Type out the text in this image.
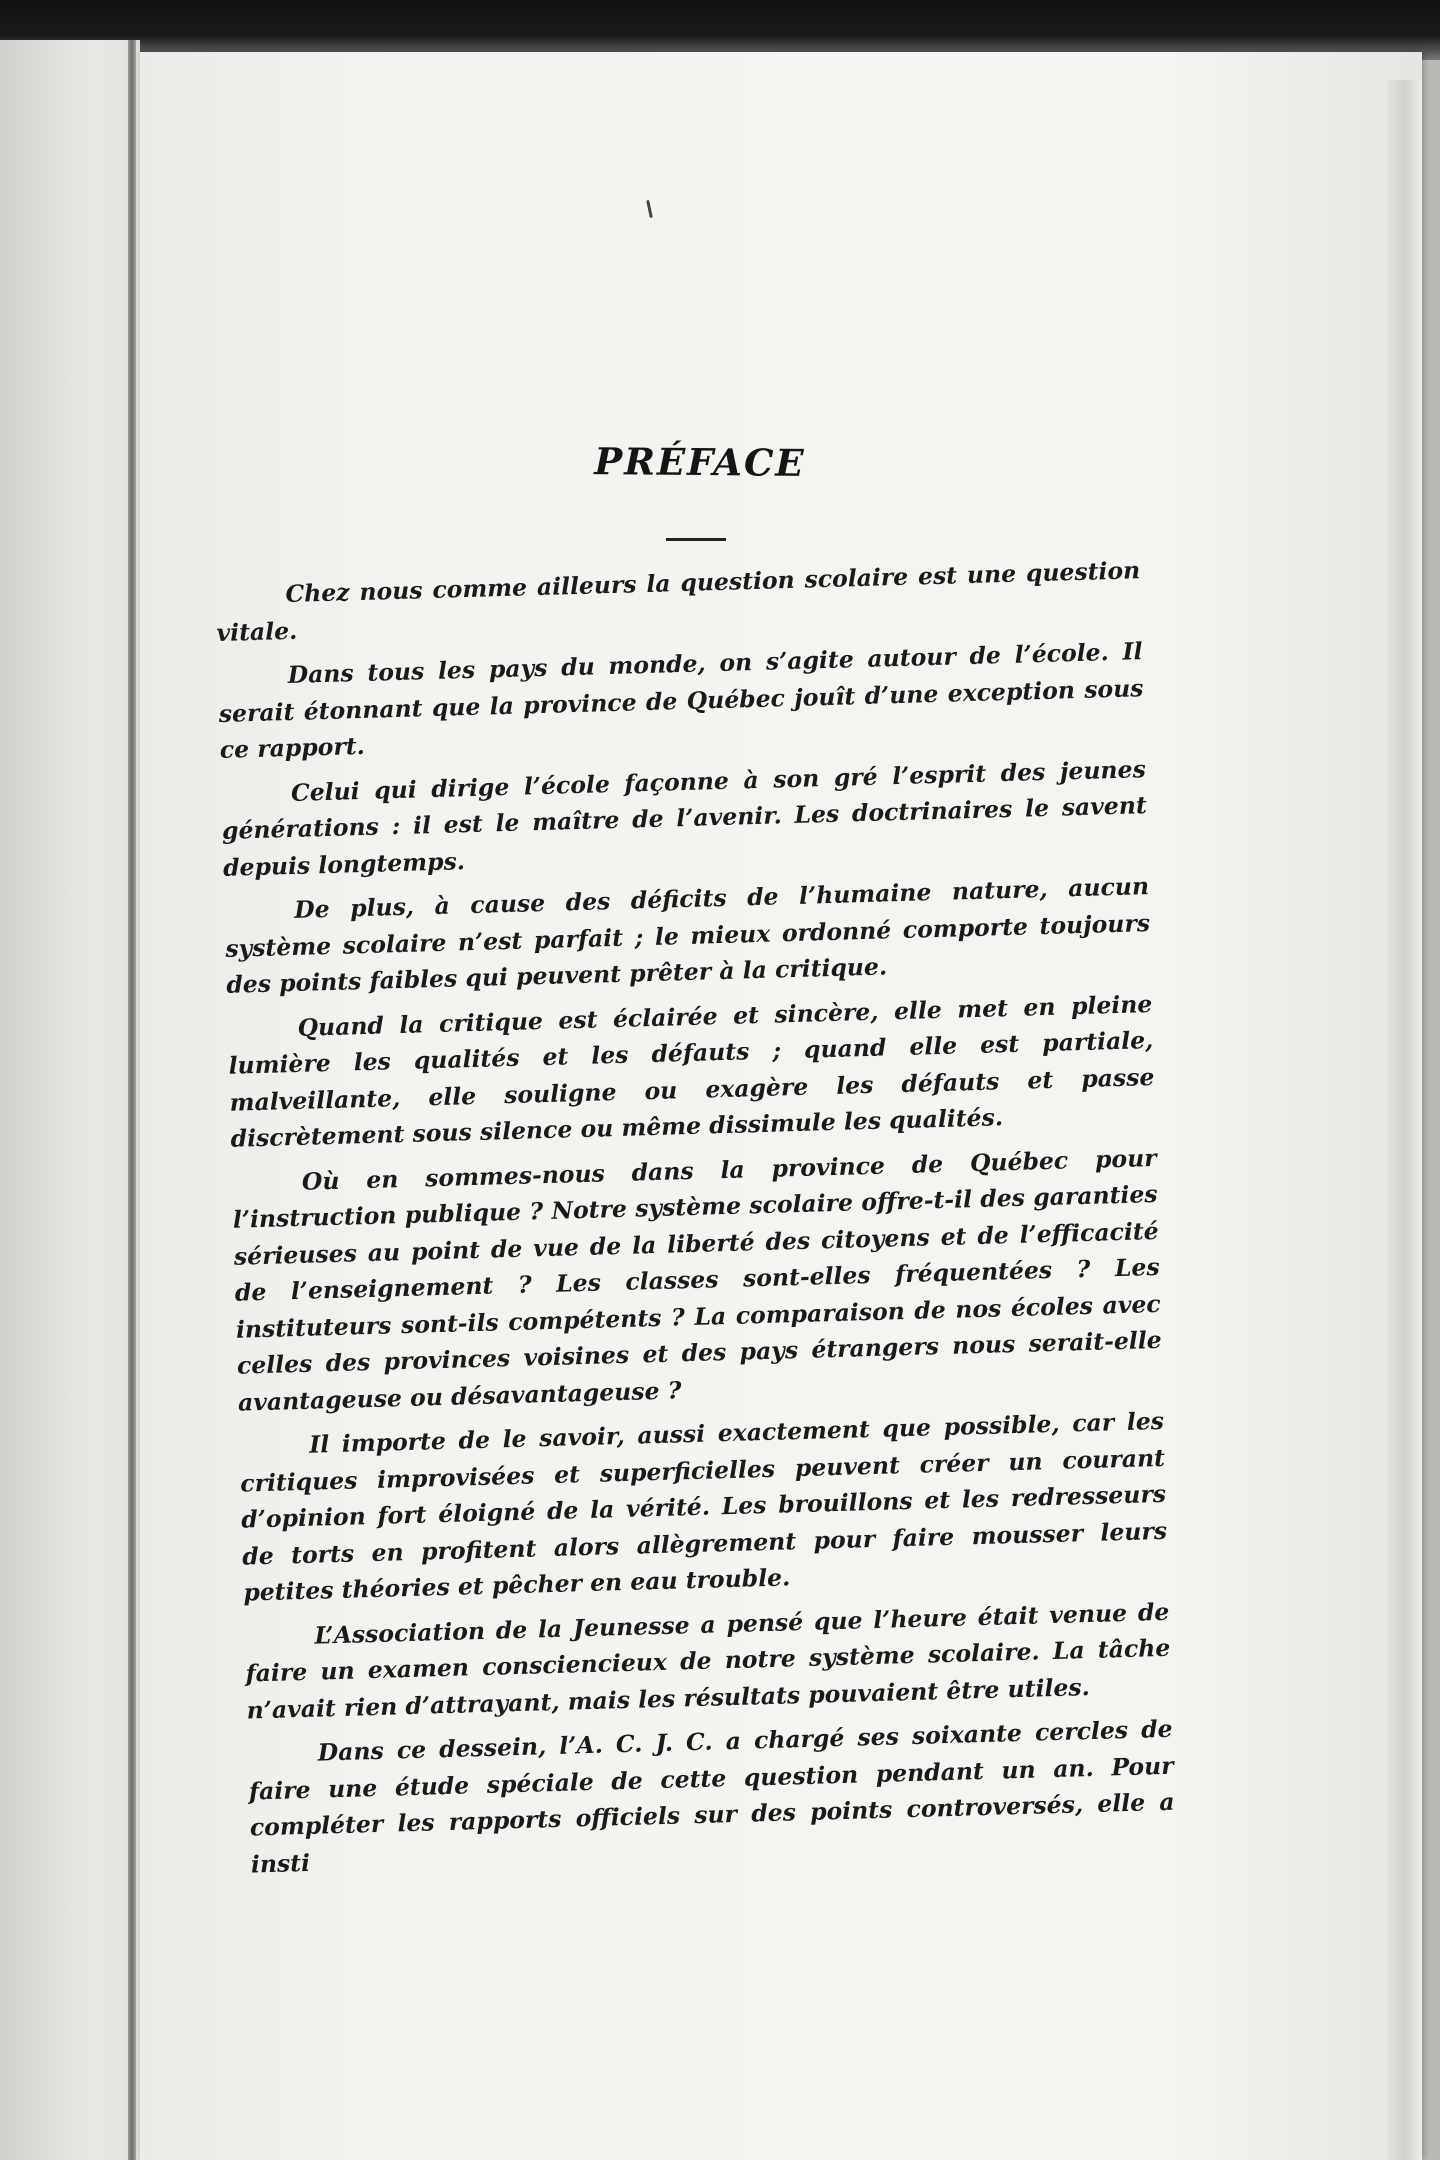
PRÉFACE

Chez nous comme ailleurs la question scolaire est une question vitale.

Dans tous les pays du monde, on s’agite autour de l’école. Il serait étonnant que la province de Québec jouît d’une exception sous ce rapport.

Celui qui dirige l’école façonne à son gré l’esprit des jeunes générations : il est le maître de l’avenir. Les doctrinaires le savent depuis longtemps.

De plus, à cause des déficits de l’humaine nature, aucun système scolaire n’est parfait ; le mieux ordonné comporte toujours des points faibles qui peuvent prêter à la critique.

Quand la critique est éclairée et sincère, elle met en pleine lumière les qualités et les défauts ; quand elle est partiale, malveillante, elle souligne ou exagère les défauts et passe discrètement sous silence ou même dissimule les qualités.

Où en sommes-nous dans la province de Québec pour l’instruction publique ? Notre système scolaire offre-t-il des garanties sérieuses au point de vue de la liberté des citoyens et de l’efficacité de l’enseignement ? Les classes sont-elles fréquentées ? Les instituteurs sont-ils compétents ? La comparaison de nos écoles avec celles des provinces voisines et des pays étrangers nous serait-elle avantageuse ou désavantageuse ?

Il importe de le savoir, aussi exactement que possible, car les critiques improvisées et superficielles peuvent créer un courant d’opinion fort éloigné de la vérité. Les brouillons et les redresseurs de torts en profitent alors allègrement pour faire mousser leurs petites théories et pêcher en eau trouble.

L’Association de la Jeunesse a pensé que l’heure était venue de faire un examen consciencieux de notre système scolaire. La tâche n’avait rien d’attrayant, mais les résultats pouvaient être utiles.

Dans ce dessein, l’A. C. J. C. a chargé ses soixante cercles de faire une étude spéciale de cette question pendant un an. Pour compléter les rapports officiels sur des points controversés, elle a insti
